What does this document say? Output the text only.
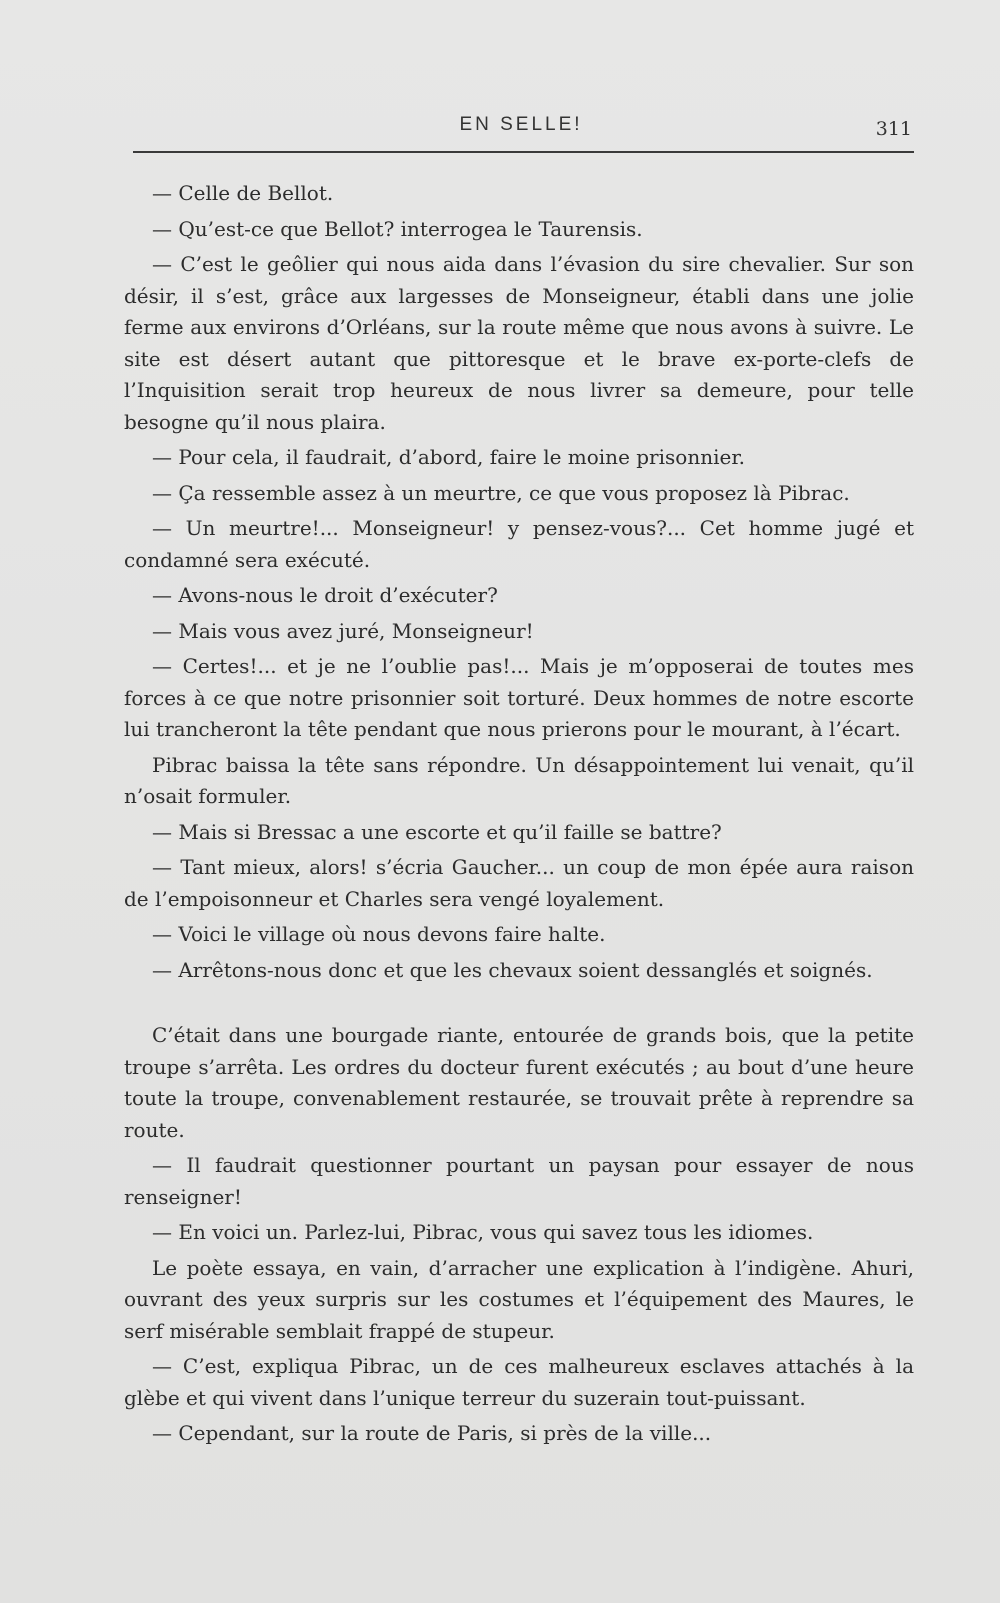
EN SELLE!	311

— Celle de Bellot.

— Qu’est-ce que Bellot? interrogea le Taurensis.

— C’est le geôlier qui nous aida dans l’évasion du sire chevalier. Sur son désir, il s’est, grâce aux largesses de Monseigneur, établi dans une jolie ferme aux environs d’Orléans, sur la route même que nous avons à suivre. Le site est désert autant que pittoresque et le brave ex-porte-clefs de l’Inquisition serait trop heureux de nous livrer sa demeure, pour telle besogne qu’il nous plaira.

— Pour cela, il faudrait, d’abord, faire le moine prisonnier.

— Ça ressemble assez à un meurtre, ce que vous proposez là Pibrac.

— Un meurtre!... Monseigneur! y pensez-vous?... Cet homme jugé et condamné sera exécuté.

— Avons-nous le droit d’exécuter?

— Mais vous avez juré, Monseigneur!

— Certes!... et je ne l’oublie pas!... Mais je m’opposerai de toutes mes forces à ce que notre prisonnier soit torturé. Deux hommes de notre escorte lui trancheront la tête pendant que nous prierons pour le mourant, à l’écart.

Pibrac baissa la tête sans répondre. Un désappointement lui venait, qu’il n’osait formuler.

— Mais si Bressac a une escorte et qu’il faille se battre?

— Tant mieux, alors! s’écria Gaucher... un coup de mon épée aura raison de l’empoisonneur et Charles sera vengé loyalement.

— Voici le village où nous devons faire halte.

— Arrêtons-nous donc et que les chevaux soient dessanglés et soignés.

C’était dans une bourgade riante, entourée de grands bois, que la petite troupe s’arrêta. Les ordres du docteur furent exécutés ; au bout d’une heure toute la troupe, convenablement restaurée, se trouvait prête à reprendre sa route.

— Il faudrait questionner pourtant un paysan pour essayer de nous renseigner!

— En voici un. Parlez-lui, Pibrac, vous qui savez tous les idiomes.

Le poète essaya, en vain, d’arracher une explication à l’indigène. Ahuri, ouvrant des yeux surpris sur les costumes et l’équipement des Maures, le serf misérable semblait frappé de stupeur.

— C’est, expliqua Pibrac, un de ces malheureux esclaves attachés à la glèbe et qui vivent dans l’unique terreur du suzerain tout-puissant.

— Cependant, sur la route de Paris, si près de la ville...
